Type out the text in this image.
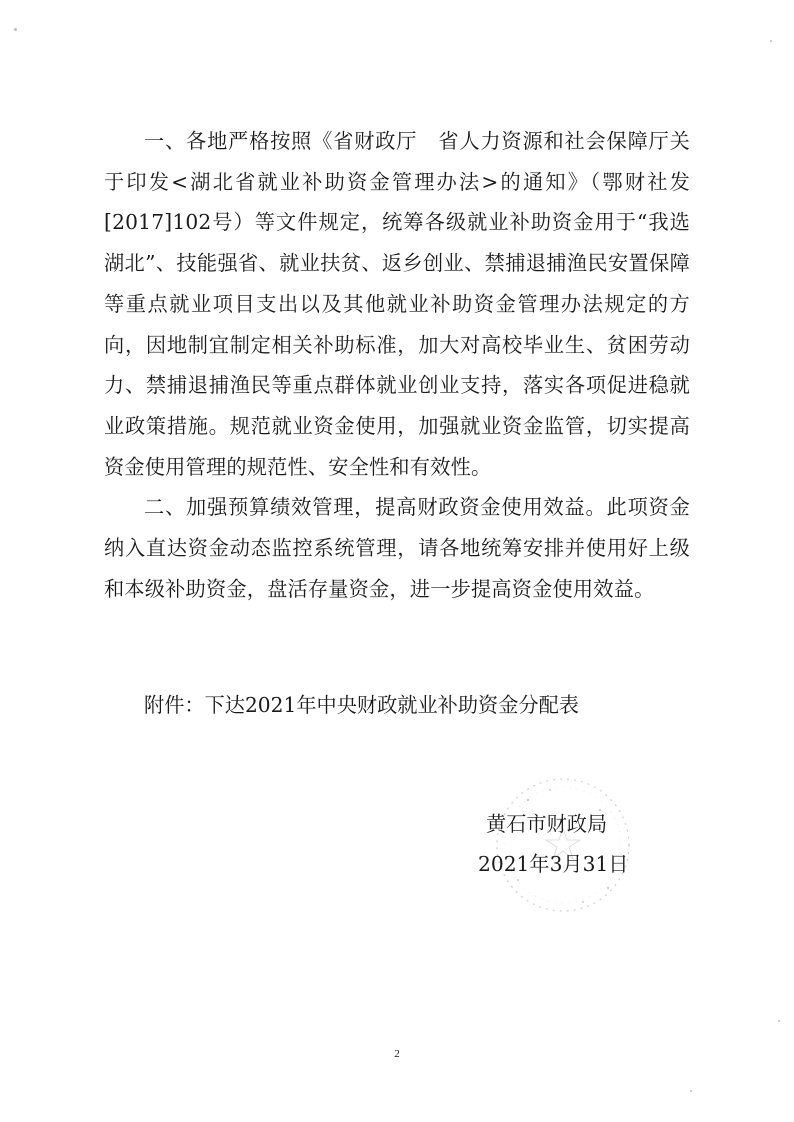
一、各地严格按照《省财政厅　省人力资源和社会保障厅关于印发<湖北省就业补助资金管理办法>的通知》（鄂财社发[2017]102号）等文件规定，统筹各级就业补助资金用于“我选湖北”、技能强省、就业扶贫、返乡创业、禁捕退捕渔民安置保障等重点就业项目支出以及其他就业补助资金管理办法规定的方向，因地制宜制定相关补助标准，加大对高校毕业生、贫困劳动力、禁捕退捕渔民等重点群体就业创业支持，落实各项促进稳就业政策措施。规范就业资金使用，加强就业资金监管，切实提高资金使用管理的规范性、安全性和有效性。

二、加强预算绩效管理，提高财政资金使用效益。此项资金纳入直达资金动态监控系统管理，请各地统筹安排并使用好上级和本级补助资金，盘活存量资金，进一步提高资金使用效益。

附件：下达2021年中央财政就业补助资金分配表
黄石市财政局
2021年3月31日
2
